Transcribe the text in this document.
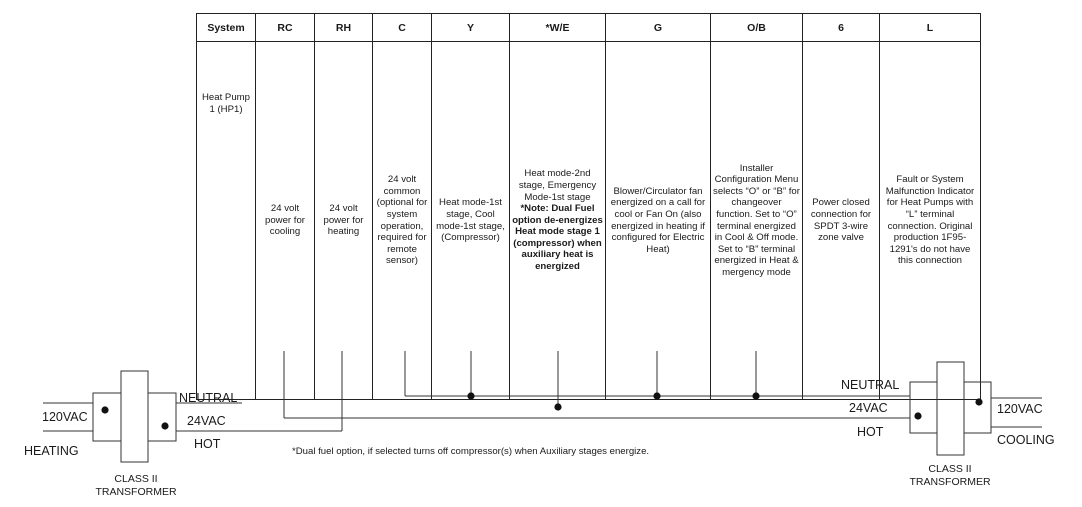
System	RC	RH	C	Y	*W/E	G	O/B	6	L
Heat Pump 1 (HP1)	24 volt power for cooling	24 volt power for heating	24 volt common (optional for system operation, required for remote sensor)	Heat mode-1st stage, Cool mode-1st stage, (Compressor)	Heat mode-2nd stage, Emergency Mode-1st stage
*Note: Dual Fuel option de-energizes Heat mode stage 1 (compressor) when auxiliary heat is energized	Blower/Circulator fan energized on a call for cool or Fan On (also energized in heating if configured for Electric Heat)	Installer Configuration Menu selects “O” or “B” for changeover function. Set to “O” terminal energized in Cool & Off mode. Set to “B” terminal energized in Heat & mergency mode	Power closed connection for SPDT 3-wire zone valve	Fault or System Malfunction Indicator for Heat Pumps with “L” terminal connection. Original production 1F95-1291's do not have this connection
120VAC
HEATING
NEUTRAL
24VAC
HOT
CLASS II
TRANSFORMER
NEUTRAL
24VAC
HOT
120VAC
COOLING
CLASS II
TRANSFORMER
*Dual fuel option, if selected turns off compressor(s) when Auxiliary stages energize.
